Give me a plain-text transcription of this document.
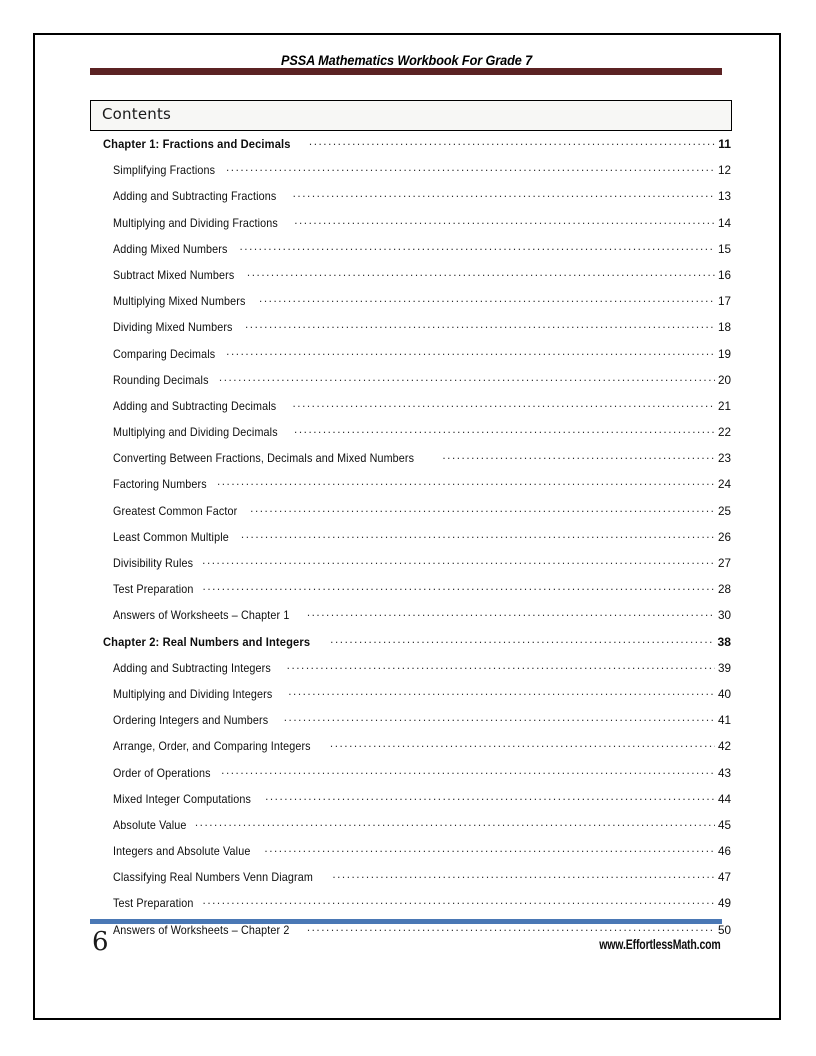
PSSA Mathematics Workbook For Grade 7
Contents
Chapter 1: Fractions and Decimals .....	11
Simplifying Fractions .....	12
Adding and Subtracting Fractions .....	13
Multiplying and Dividing Fractions .....	14
Adding Mixed Numbers .....	15
Subtract Mixed Numbers .....	16
Multiplying Mixed Numbers .....	17
Dividing Mixed Numbers .....	18
Comparing Decimals .....	19
Rounding Decimals .....	20
Adding and Subtracting Decimals .....	21
Multiplying and Dividing Decimals .....	22
Converting Between Fractions, Decimals and Mixed Numbers .....	23
Factoring Numbers .....	24
Greatest Common Factor .....	25
Least Common Multiple .....	26
Divisibility Rules .....	27
Test Preparation .....	28
Answers of Worksheets – Chapter 1 .....	30
Chapter 2: Real Numbers and Integers .....	38
Adding and Subtracting Integers .....	39
Multiplying and Dividing Integers .....	40
Ordering Integers and Numbers .....	41
Arrange, Order, and Comparing Integers .....	42
Order of Operations .....	43
Mixed Integer Computations .....	44
Absolute Value .....	45
Integers and Absolute Value .....	46
Classifying Real Numbers Venn Diagram .....	47
Test Preparation .....	49
Answers of Worksheets – Chapter 2 .....	50
6	www.EffortlessMath.com
